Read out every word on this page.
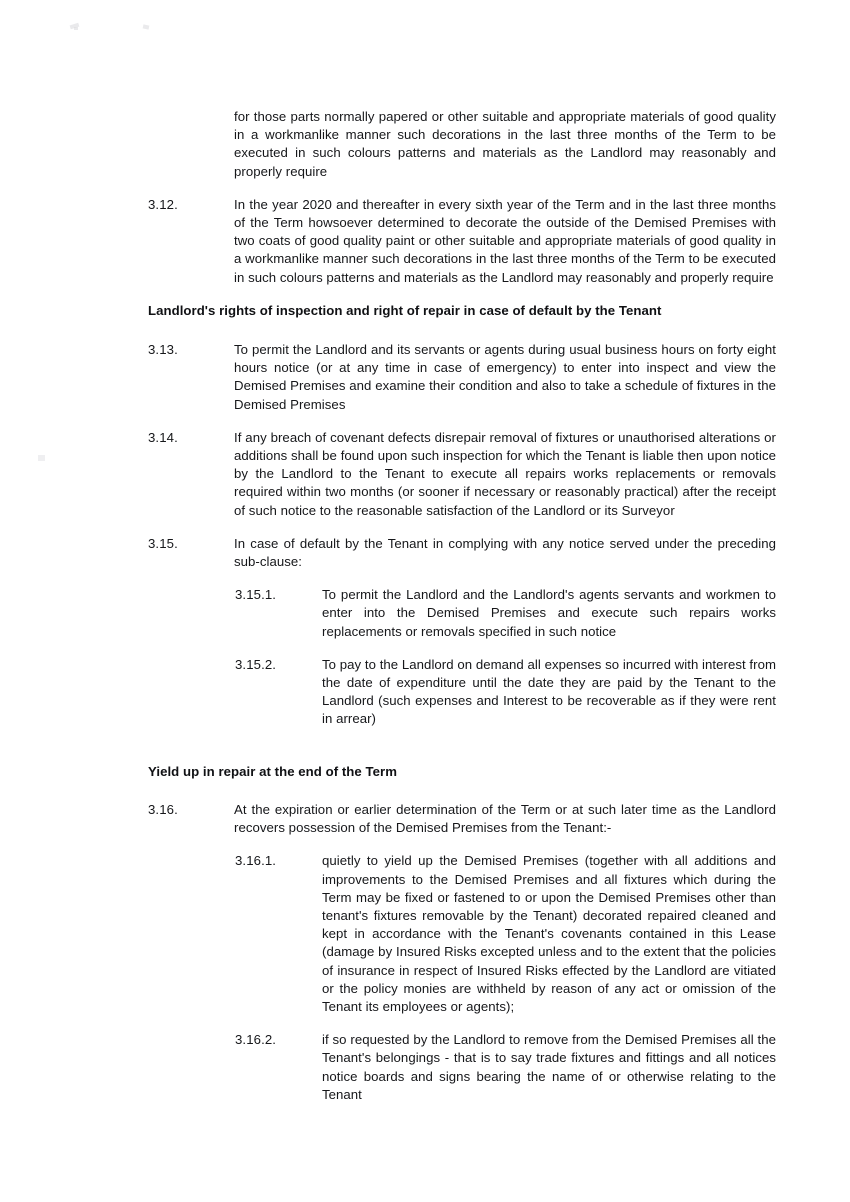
for those parts normally papered or other suitable and appropriate materials of good quality in a workmanlike manner such decorations in the last three months of the Term to be executed in such colours patterns and materials as the Landlord may reasonably and properly require
3.12.	In the year 2020 and thereafter in every sixth year of the Term and in the last three months of the Term howsoever determined to decorate the outside of the Demised Premises with two coats of good quality paint or other suitable and appropriate materials of good quality in a workmanlike manner such decorations in the last three months of the Term to be executed in such colours patterns and materials as the Landlord may reasonably and properly require
Landlord's rights of inspection and right of repair in case of default by the Tenant
3.13.	To permit the Landlord and its servants or agents during usual business hours on forty eight hours notice (or at any time in case of emergency) to enter into inspect and view the Demised Premises and examine their condition and also to take a schedule of fixtures in the Demised Premises
3.14.	If any breach of covenant defects disrepair removal of fixtures or unauthorised alterations or additions shall be found upon such inspection for which the Tenant is liable then upon notice by the Landlord to the Tenant to execute all repairs works replacements or removals required within two months (or sooner if necessary or reasonably practical) after the receipt of such notice to the reasonable satisfaction of the Landlord or its Surveyor
3.15.	In case of default by the Tenant in complying with any notice served under the preceding sub-clause:
3.15.1.	To permit the Landlord and the Landlord's agents servants and workmen to enter into the Demised Premises and execute such repairs works replacements or removals specified in such notice
3.15.2.	To pay to the Landlord on demand all expenses so incurred with interest from the date of expenditure until the date they are paid by the Tenant to the Landlord (such expenses and Interest to be recoverable as if they were rent in arrear)
Yield up in repair at the end of the Term
3.16.	At the expiration or earlier determination of the Term or at such later time as the Landlord recovers possession of the Demised Premises from the Tenant:-
3.16.1.	quietly to yield up the Demised Premises (together with all additions and improvements to the Demised Premises and all fixtures which during the Term may be fixed or fastened to or upon the Demised Premises other than tenant's fixtures removable by the Tenant) decorated repaired cleaned and kept in accordance with the Tenant's covenants contained in this Lease (damage by Insured Risks excepted unless and to the extent that the policies of insurance in respect of Insured Risks effected by the Landlord are vitiated or the policy monies are withheld by reason of any act or omission of the Tenant its employees or agents);
3.16.2.	if so requested by the Landlord to remove from the Demised Premises all the Tenant's belongings - that is to say trade fixtures and fittings and all notices notice boards and signs bearing the name of or otherwise relating to the Tenant
